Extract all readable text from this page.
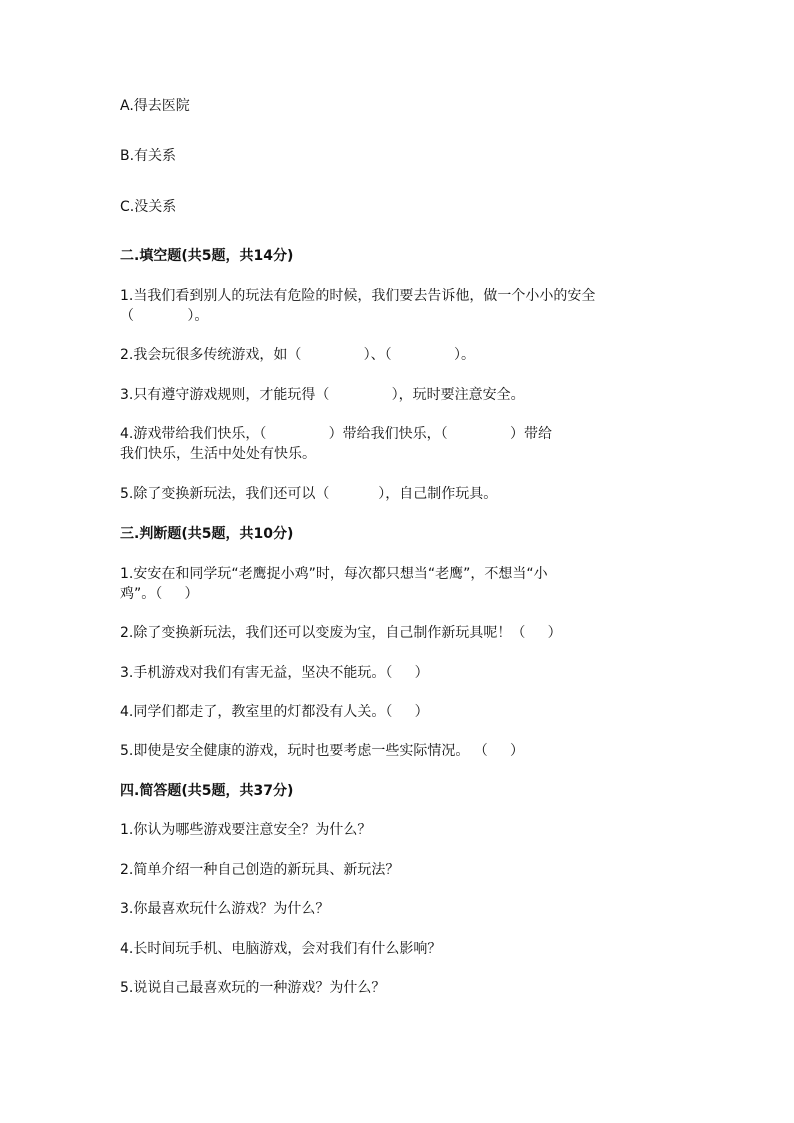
A.得去医院
B.有关系
C.没关系
二.填空题(共5题，共14分)
1.当我们看到别人的玩法有危险的时候，我们要去告诉他，做一个小小的安全
（            ）。
2.我会玩很多传统游戏，如（              ）、（              ）。
3.只有遵守游戏规则，才能玩得（              ），玩时要注意安全。
4.游戏带给我们快乐，（              ）带给我们快乐，（              ）带给
我们快乐，生活中处处有快乐。
5.除了变换新玩法，我们还可以（           ），自己制作玩具。
三.判断题(共5题，共10分)
1.安安在和同学玩“老鹰捉小鸡”时，每次都只想当“老鹰”，不想当“小
鸡”。（     ）
2.除了变换新玩法，我们还可以变废为宝，自己制作新玩具呢！（     ）
3.手机游戏对我们有害无益，坚决不能玩。（     ）
4.同学们都走了，教室里的灯都没有人关。（     ）
5.即使是安全健康的游戏，玩时也要考虑一些实际情况。 （     ）
四.简答题(共5题，共37分)
1.你认为哪些游戏要注意安全？为什么？
2.简单介绍一种自己创造的新玩具、新玩法？
3.你最喜欢玩什么游戏？为什么？
4.长时间玩手机、电脑游戏，会对我们有什么影响？
5.说说自己最喜欢玩的一种游戏？为什么？
